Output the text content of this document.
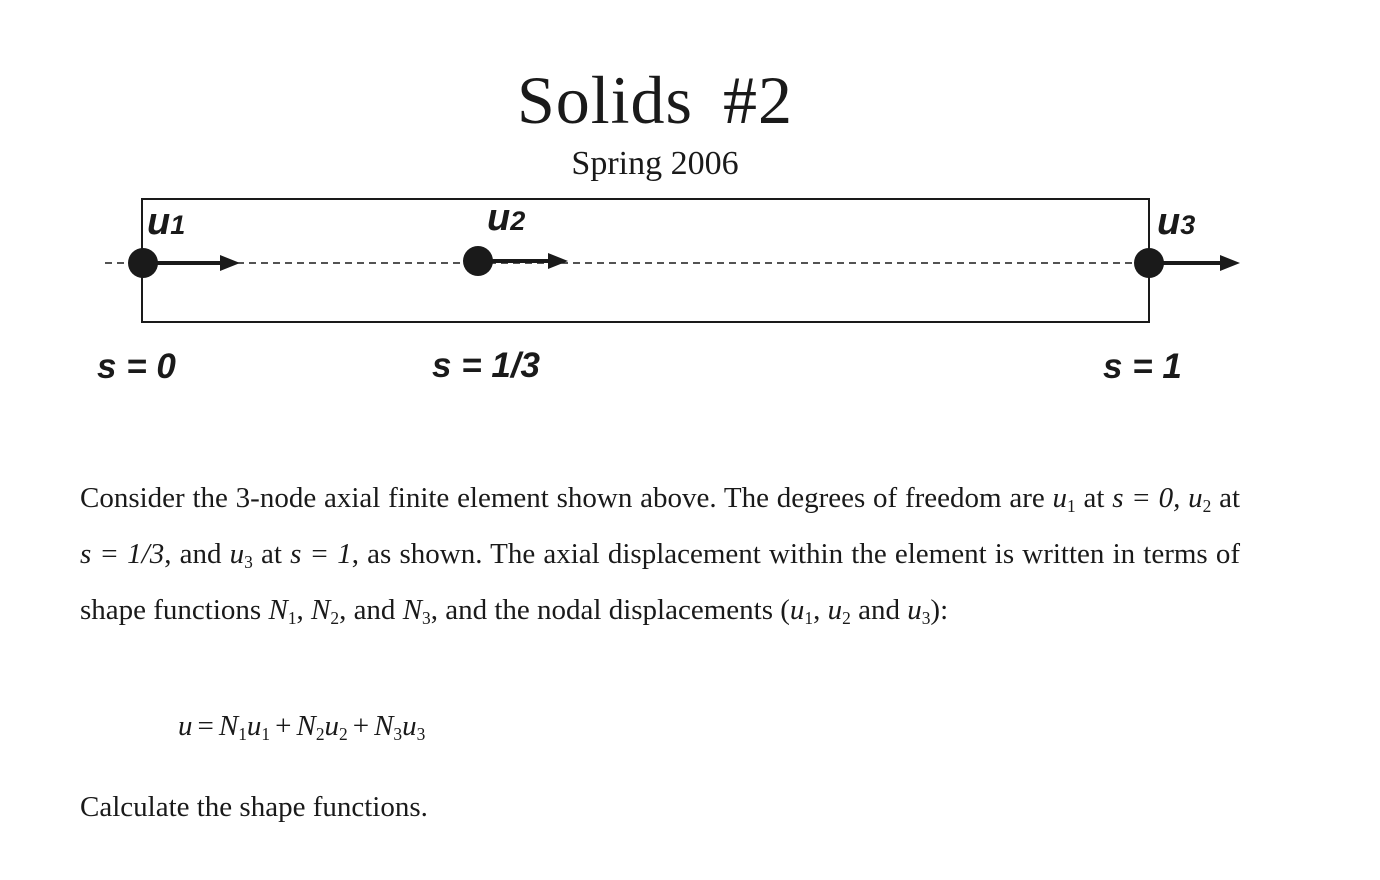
Solids #2
Spring 2006
u1	u2	u3
s = 0	s = 1/3	s = 1
Consider the 3-node axial finite element shown above. The degrees of freedom are $u_1$ at s = 0, $u_2$ at s = 1/3, and $u_3$ at s = 1, as shown. The axial displacement within the element is written in terms of shape functions $N_1$, $N_2$, and $N_3$, and the nodal displacements ($u_1$, $u_2$ and $u_3$):
$u = N_1u_1 + N_2u_2 + N_3u_3$
Calculate the shape functions.
